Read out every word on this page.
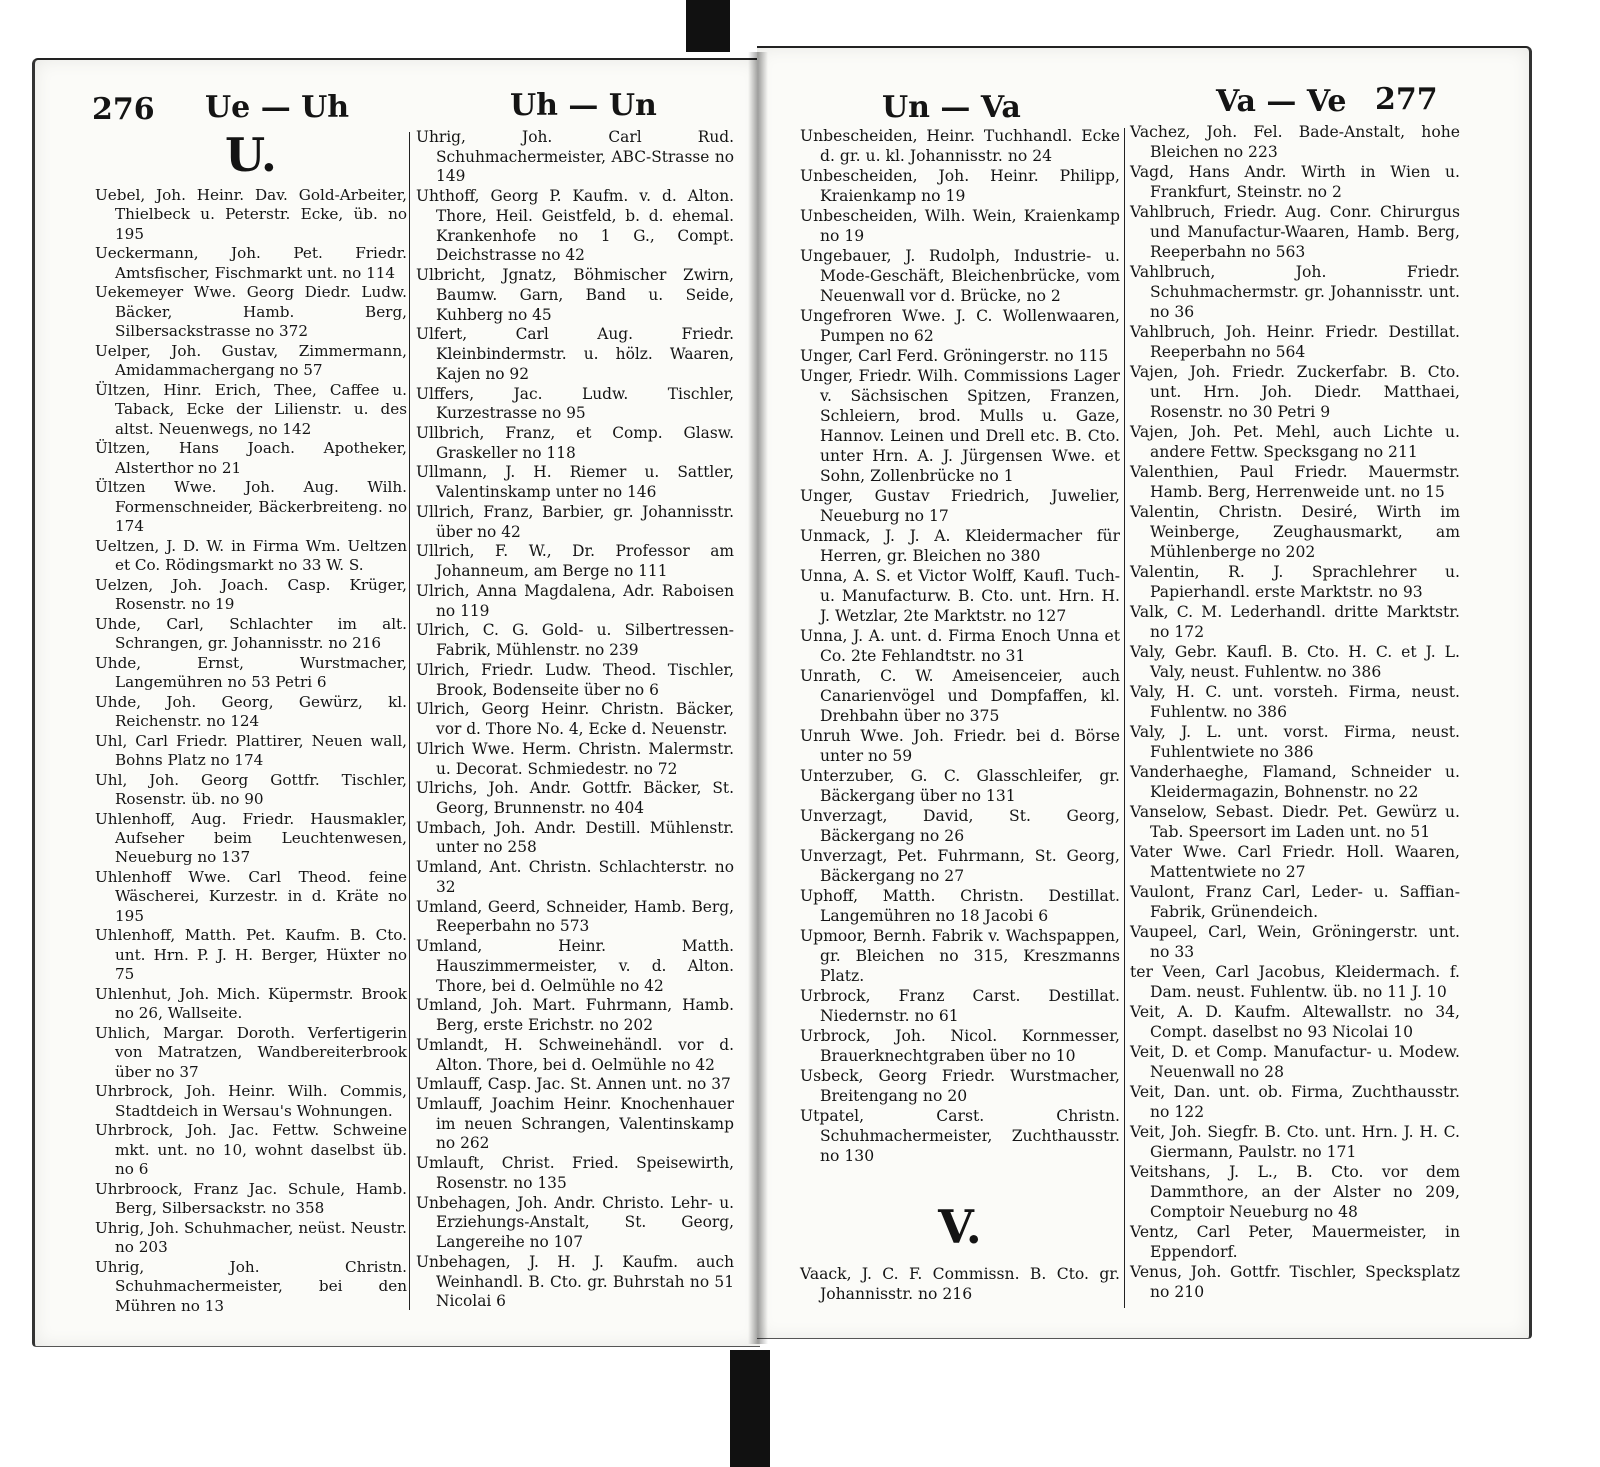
276 Ue — Uh	Uh — Un	Un — Va	Va — Ve 277
U.

Uebel, Joh. Heinr. Dav. Gold-Arbeiter, Thielbeck u. Peterstr. Ecke, üb. no 195

Ueckermann, Joh. Pet. Friedr. Amtsfischer, Fischmarkt unt. no 114

Uekemeyer Wwe. Georg Diedr. Ludw. Bäcker, Hamb. Berg, Silbersackstrasse no 372

Uelper, Joh. Gustav, Zimmermann, Amidammachergang no 57

Ültzen, Hinr. Erich, Thee, Caffee u. Taback, Ecke der Lilienstr. u. des altst. Neuenwegs, no 142

Ültzen, Hans Joach. Apotheker, Alsterthor no 21

Ültzen Wwe. Joh. Aug. Wilh. Formenschneider, Bäckerbreiteng. no 174

Ueltzen, J. D. W. in Firma Wm. Ueltzen et Co. Rödingsmarkt no 33 W. S.

Uelzen, Joh. Joach. Casp. Krüger, Rosenstr. no 19

Uhde, Carl, Schlachter im alt. Schrangen, gr. Johannisstr. no 216

Uhde, Ernst, Wurstmacher, Langemühren no 53 Petri 6

Uhde, Joh. Georg, Gewürz, kl. Reichenstr. no 124

Uhl, Carl Friedr. Plattirer, Neuen wall, Bohns Platz no 174

Uhl, Joh. Georg Gottfr. Tischler, Rosenstr. üb. no 90

Uhlenhoff, Aug. Friedr. Hausmakler, Aufseher beim Leuchtenwesen, Neueburg no 137

Uhlenhoff Wwe. Carl Theod. feine Wäscherei, Kurzestr. in d. Kräte no 195

Uhlenhoff, Matth. Pet. Kaufm. B. Cto. unt. Hrn. P. J. H. Berger, Hüxter no 75

Uhlenhut, Joh. Mich. Küpermstr. Brook no 26, Wallseite.

Uhlich, Margar. Doroth. Verfertigerin von Matratzen, Wandbereiterbrook über no 37

Uhrbrock, Joh. Heinr. Wilh. Commis, Stadtdeich in Wersau's Wohnungen.

Uhrbrock, Joh. Jac. Fettw. Schweine mkt. unt. no 10, wohnt daselbst üb. no 6

Uhrbroock, Franz Jac. Schule, Hamb. Berg, Silbersackstr. no 358

Uhrig, Joh. Schuhmacher, neüst. Neustr. no 203

Uhrig, Joh. Christn. Schuhmachermeister, bei den Mühren no 13

Uhrig, Joh. Carl Rud. Schuhmachermeister, ABC-Strasse no 149

Uhthoff, Georg P. Kaufm. v. d. Alton. Thore, Heil. Geistfeld, b. d. ehemal. Krankenhofe no 1 G., Compt. Deichstrasse no 42

Ulbricht, Jgnatz, Böhmischer Zwirn, Baumw. Garn, Band u. Seide, Kuhberg no 45

Ulfert, Carl Aug. Friedr. Kleinbindermstr. u. hölz. Waaren, Kajen no 92

Ulffers, Jac. Ludw. Tischler, Kurzestrasse no 95

Ullbrich, Franz, et Comp. Glasw. Graskeller no 118

Ullmann, J. H. Riemer u. Sattler, Valentinskamp unter no 146

Ullrich, Franz, Barbier, gr. Johannisstr. über no 42

Ullrich, F. W., Dr. Professor am Johanneum, am Berge no 111

Ulrich, Anna Magdalena, Adr. Raboisen no 119

Ulrich, C. G. Gold- u. Silbertressen-Fabrik, Mühlenstr. no 239

Ulrich, Friedr. Ludw. Theod. Tischler, Brook, Bodenseite über no 6

Ulrich, Georg Heinr. Christn. Bäcker, vor d. Thore No. 4, Ecke d. Neuenstr.

Ulrich Wwe. Herm. Christn. Malermstr. u. Decorat. Schmiedestr. no 72

Ulrichs, Joh. Andr. Gottfr. Bäcker, St. Georg, Brunnenstr. no 404

Umbach, Joh. Andr. Destill. Mühlenstr. unter no 258

Umland, Ant. Christn. Schlachterstr. no 32

Umland, Geerd, Schneider, Hamb. Berg, Reeperbahn no 573

Umland, Heinr. Matth. Hauszimmermeister, v. d. Alton. Thore, bei d. Oelmühle no 42

Umland, Joh. Mart. Fuhrmann, Hamb. Berg, erste Erichstr. no 202

Umlandt, H. Schweinehändl. vor d. Alton. Thore, bei d. Oelmühle no 42

Umlauff, Casp. Jac. St. Annen unt. no 37

Umlauff, Joachim Heinr. Knochenhauer im neuen Schrangen, Valentinskamp no 262

Umlauft, Christ. Fried. Speisewirth, Rosenstr. no 135

Unbehagen, Joh. Andr. Christo. Lehr- u. Erziehungs-Anstalt, St. Georg, Langereihe no 107

Unbehagen, J. H. J. Kaufm. auch Weinhandl. B. Cto. gr. Buhrstah no 51 Nicolai 6

Unbescheiden, Heinr. Tuchhandl. Ecke d. gr. u. kl. Johannisstr. no 24

Unbescheiden, Joh. Heinr. Philipp, Kraienkamp no 19

Unbescheiden, Wilh. Wein, Kraienkamp no 19

Ungebauer, J. Rudolph, Industrie- u. Mode-Geschäft, Bleichenbrücke, vom Neuenwall vor d. Brücke, no 2

Ungefroren Wwe. J. C. Wollenwaaren, Pumpen no 62

Unger, Carl Ferd. Gröningerstr. no 115

Unger, Friedr. Wilh. Commissions Lager v. Sächsischen Spitzen, Franzen, Schleiern, brod. Mulls u. Gaze, Hannov. Leinen und Drell etc. B. Cto. unter Hrn. A. J. Jürgensen Wwe. et Sohn, Zollenbrücke no 1

Unger, Gustav Friedrich, Juwelier, Neueburg no 17

Unmack, J. J. A. Kleidermacher für Herren, gr. Bleichen no 380

Unna, A. S. et Victor Wolff, Kaufl. Tuch- u. Manufacturw. B. Cto. unt. Hrn. H. J. Wetzlar, 2te Marktstr. no 127

Unna, J. A. unt. d. Firma Enoch Unna et Co. 2te Fehlandtstr. no 31

Unrath, C. W. Ameisenceier, auch Canarienvögel und Dompfaffen, kl. Drehbahn über no 375

Unruh Wwe. Joh. Friedr. bei d. Börse unter no 59

Unterzuber, G. C. Glasschleifer, gr. Bäckergang über no 131

Unverzagt, David, St. Georg, Bäckergang no 26

Unverzagt, Pet. Fuhrmann, St. Georg, Bäckergang no 27

Uphoff, Matth. Christn. Destillat. Langemühren no 18 Jacobi 6

Upmoor, Bernh. Fabrik v. Wachspappen, gr. Bleichen no 315, Kreszmanns Platz.

Urbrock, Franz Carst. Destillat. Niedernstr. no 61

Urbrock, Joh. Nicol. Kornmesser, Brauerknechtgraben über no 10

Usbeck, Georg Friedr. Wurstmacher, Breitengang no 20

Utpatel, Carst. Christn. Schuhmachermeister, Zuchthausstr. no 130

V.

Vaack, J. C. F. Commissn. B. Cto. gr. Johannisstr. no 216

Vachez, Joh. Fel. Bade-Anstalt, hohe Bleichen no 223

Vagd, Hans Andr. Wirth in Wien u. Frankfurt, Steinstr. no 2

Vahlbruch, Friedr. Aug. Conr. Chirurgus und Manufactur-Waaren, Hamb. Berg, Reeperbahn no 563

Vahlbruch, Joh. Friedr. Schuhmachermstr. gr. Johannisstr. unt. no 36

Vahlbruch, Joh. Heinr. Friedr. Destillat. Reeperbahn no 564

Vajen, Joh. Friedr. Zuckerfabr. B. Cto. unt. Hrn. Joh. Diedr. Matthaei, Rosenstr. no 30 Petri 9

Vajen, Joh. Pet. Mehl, auch Lichte u. andere Fettw. Specksgang no 211

Valenthien, Paul Friedr. Mauermstr. Hamb. Berg, Herrenweide unt. no 15

Valentin, Christn. Desiré, Wirth im Weinberge, Zeughausmarkt, am Mühlenberge no 202

Valentin, R. J. Sprachlehrer u. Papierhandl. erste Marktstr. no 93

Valk, C. M. Lederhandl. dritte Marktstr. no 172

Valy, Gebr. Kaufl. B. Cto. H. C. et J. L. Valy, neust. Fuhlentw. no 386

Valy, H. C. unt. vorsteh. Firma, neust. Fuhlentw. no 386

Valy, J. L. unt. vorst. Firma, neust. Fuhlentwiete no 386

Vanderhaeghe, Flamand, Schneider u. Kleidermagazin, Bohnenstr. no 22

Vanselow, Sebast. Diedr. Pet. Gewürz u. Tab. Speersort im Laden unt. no 51

Vater Wwe. Carl Friedr. Holl. Waaren, Mattentwiete no 27

Vaulont, Franz Carl, Leder- u. Saffian-Fabrik, Grünendeich.

Vaupeel, Carl, Wein, Gröningerstr. unt. no 33

ter Veen, Carl Jacobus, Kleidermach. f. Dam. neust. Fuhlentw. üb. no 11 J. 10

Veit, A. D. Kaufm. Altewallstr. no 34, Compt. daselbst no 93 Nicolai 10

Veit, D. et Comp. Manufactur- u. Modew. Neuenwall no 28

Veit, Dan. unt. ob. Firma, Zuchthausstr. no 122

Veit, Joh. Siegfr. B. Cto. unt. Hrn. J. H. C. Giermann, Paulstr. no 171

Veitshans, J. L., B. Cto. vor dem Dammthore, an der Alster no 209, Comptoir Neueburg no 48

Ventz, Carl Peter, Mauermeister, in Eppendorf.

Venus, Joh. Gottfr. Tischler, Specksplatz no 210
